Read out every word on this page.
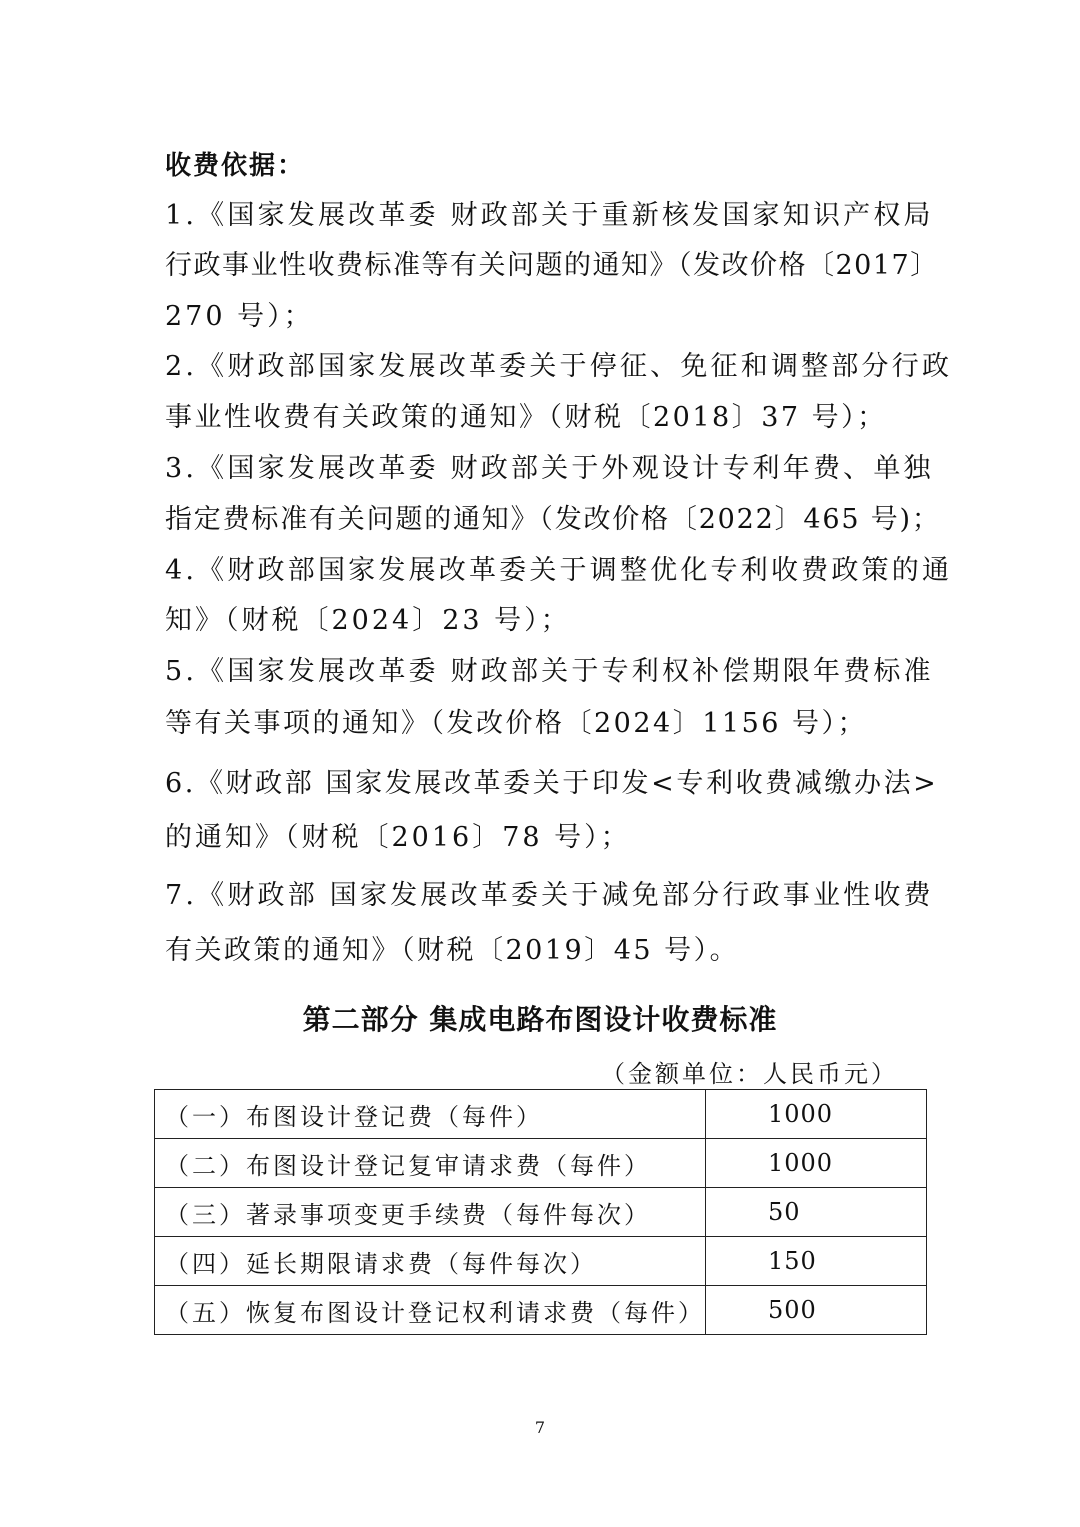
收费依据：
1.《国家发展改革委 财政部关于重新核发国家知识产权局
行政事业性收费标准等有关问题的通知》（发改价格〔2017〕
270 号）；
2.《财政部国家发展改革委关于停征、免征和调整部分行政
事业性收费有关政策的通知》（财税〔2018〕37 号）；
3.《国家发展改革委 财政部关于外观设计专利年费、单独
指定费标准有关问题的通知》（发改价格〔2022〕465 号)；
4.《财政部国家发展改革委关于调整优化专利收费政策的通
知》（财税〔2024〕23 号）；
5.《国家发展改革委 财政部关于专利权补偿期限年费标准
等有关事项的通知》（发改价格〔2024〕1156 号）；
6.《财政部 国家发展改革委关于印发<专利收费减缴办法>
的通知》（财税〔2016〕78 号）；
7.《财政部 国家发展改革委关于减免部分行政事业性收费
有关政策的通知》（财税〔2019〕45 号）。
第二部分 集成电路布图设计收费标准
（金额单位：人民币元）
（一）布图设计登记费（每件）	1000
（二）布图设计登记复审请求费（每件）	1000
（三）著录事项变更手续费（每件每次）	50
（四）延长期限请求费（每件每次）	150
（五）恢复布图设计登记权利请求费（每件）	500
7
